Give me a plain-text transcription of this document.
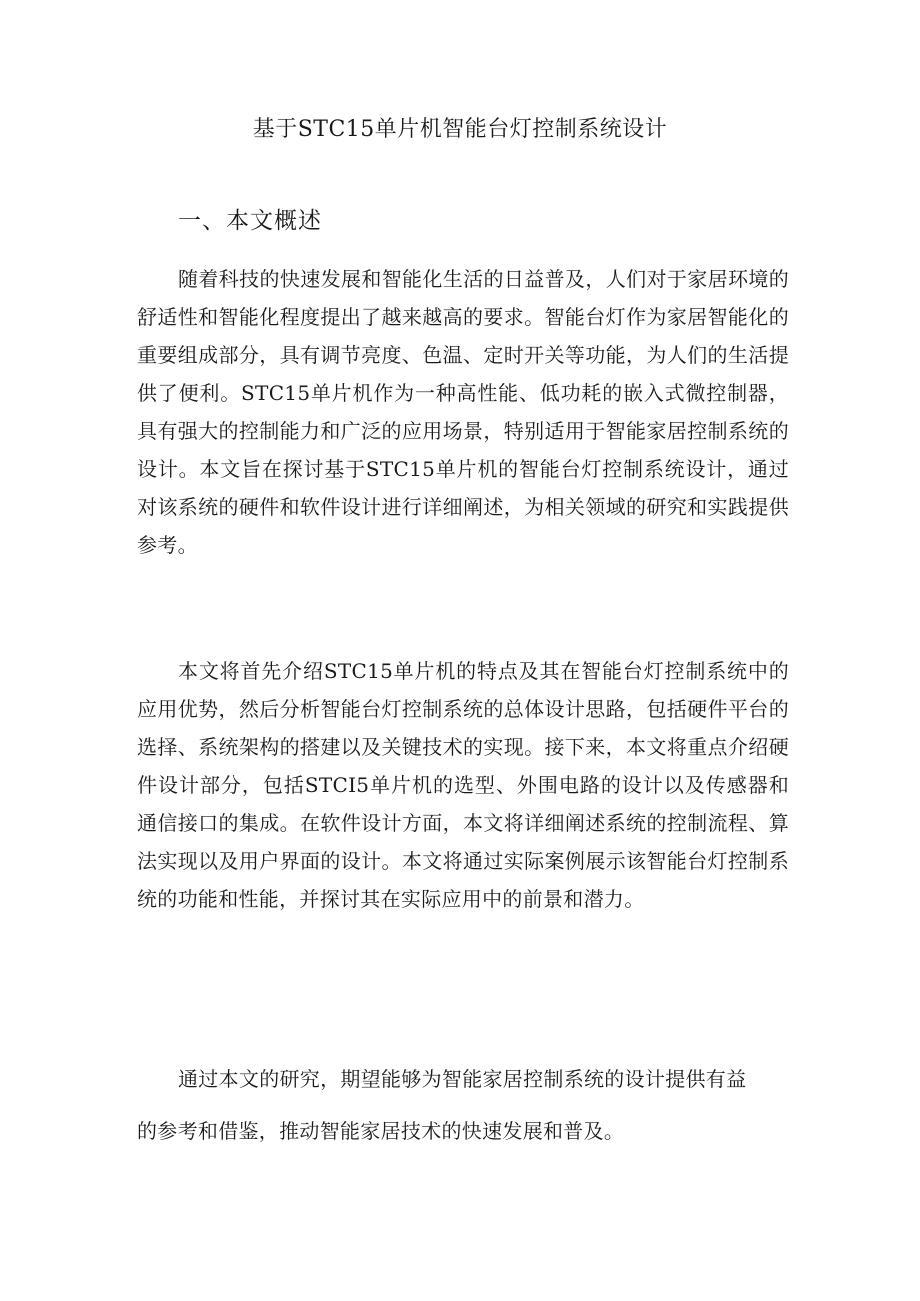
基于STC15单片机智能台灯控制系统设计
一、本文概述

随着科技的快速发展和智能化生活的日益普及，人们对于家居环境的舒适性和智能化程度提出了越来越高的要求。智能台灯作为家居智能化的重要组成部分，具有调节亮度、色温、定时开关等功能，为人们的生活提供了便利。STC15单片机作为一种高性能、低功耗的嵌入式微控制器，具有强大的控制能力和广泛的应用场景，特别适用于智能家居控制系统的设计。本文旨在探讨基于STC15单片机的智能台灯控制系统设计，通过对该系统的硬件和软件设计进行详细阐述，为相关领域的研究和实践提供参考。

本文将首先介绍STC15单片机的特点及其在智能台灯控制系统中的应用优势，然后分析智能台灯控制系统的总体设计思路，包括硬件平台的选择、系统架构的搭建以及关键技术的实现。接下来，本文将重点介绍硬件设计部分，包括STCI5单片机的选型、外围电路的设计以及传感器和通信接口的集成。在软件设计方面，本文将详细阐述系统的控制流程、算法实现以及用户界面的设计。本文将通过实际案例展示该智能台灯控制系统的功能和性能，并探讨其在实际应用中的前景和潜力。

通过本文的研究，期望能够为智能家居控制系统的设计提供有益

的参考和借鉴，推动智能家居技术的快速发展和普及。
